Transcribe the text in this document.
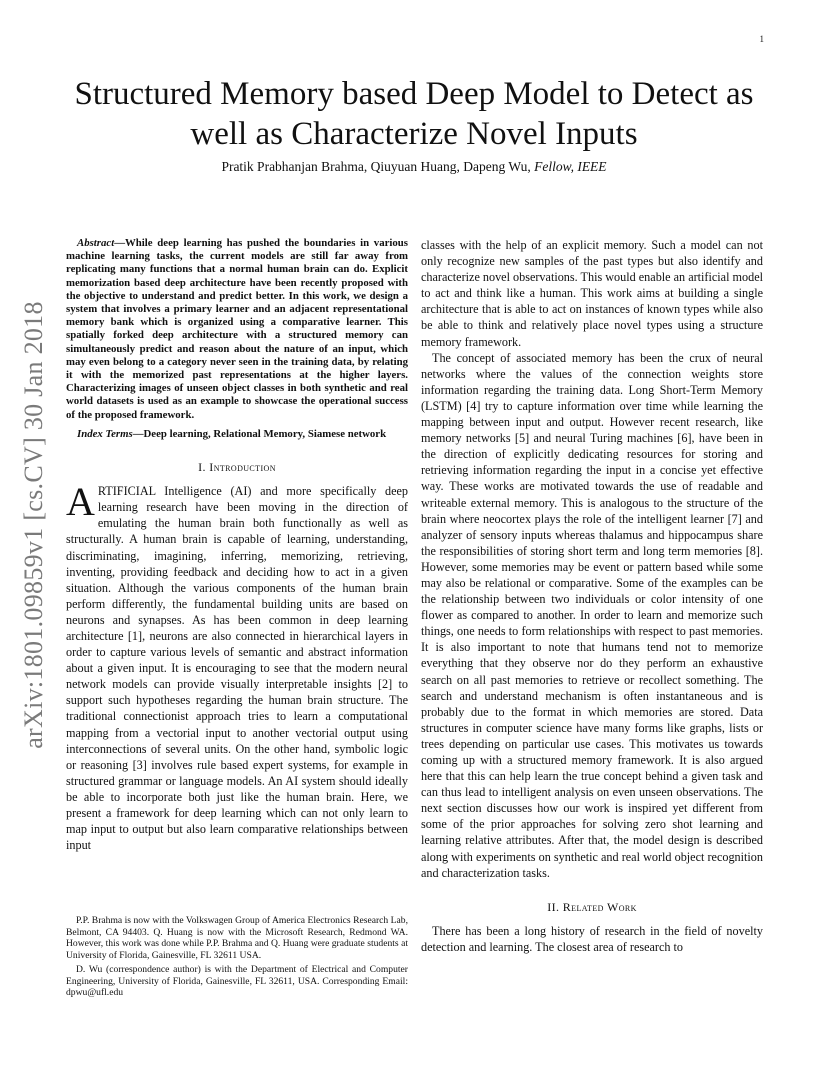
1
arXiv:1801.09859v1 [cs.CV] 30 Jan 2018
Structured Memory based Deep Model to Detect as well as Characterize Novel Inputs
Pratik Prabhanjan Brahma, Qiuyuan Huang, Dapeng Wu, Fellow, IEEE

Abstract—While deep learning has pushed the boundaries in various machine learning tasks, the current models are still far away from replicating many functions that a normal human brain can do. Explicit memorization based deep architecture have been recently proposed with the objective to understand and predict better. In this work, we design a system that involves a primary learner and an adjacent representational memory bank which is organized using a comparative learner. This spatially forked deep architecture with a structured memory can simultaneously predict and reason about the nature of an input, which may even belong to a category never seen in the training data, by relating it with the memorized past representations at the higher layers. Characterizing images of unseen object classes in both synthetic and real world datasets is used as an example to showcase the operational success of the proposed framework.

Index Terms—Deep learning, Relational Memory, Siamese network

I. Introduction

ARTIFICIAL Intelligence (AI) and more specifically deep learning research have been moving in the direction of emulating the human brain both functionally as well as structurally. A human brain is capable of learning, understanding, discriminating, imagining, inferring, memorizing, retrieving, inventing, providing feedback and deciding how to act in a given situation. Although the various components of the human brain perform differently, the fundamental building units are based on neurons and synapses. As has been common in deep learning architecture [1], neurons are also connected in hierarchical layers in order to capture various levels of semantic and abstract information about a given input. It is encouraging to see that the modern neural network models can provide visually interpretable insights [2] to support such hypotheses regarding the human brain structure. The traditional connectionist approach tries to learn a computational mapping from a vectorial input to another vectorial output using interconnections of several units. On the other hand, symbolic logic or reasoning [3] involves rule based expert systems, for example in structured grammar or language models. An AI system should ideally be able to incorporate both just like the human brain. Here, we present a framework for deep learning which can not only learn to map input to output but also learn comparative relationships between input

classes with the help of an explicit memory. Such a model can not only recognize new samples of the past types but also identify and characterize novel observations. This would enable an artificial model to act and think like a human. This work aims at building a single architecture that is able to act on instances of known types while also be able to think and relatively place novel types using a structure memory framework.

The concept of associated memory has been the crux of neural networks where the values of the connection weights store information regarding the training data. Long Short-Term Memory (LSTM) [4] try to capture information over time while learning the mapping between input and output. However recent research, like memory networks [5] and neural Turing machines [6], have been in the direction of explicitly dedicating resources for storing and retrieving information regarding the input in a concise yet effective way. These works are motivated towards the use of readable and writeable external memory. This is analogous to the structure of the brain where neocortex plays the role of the intelligent learner [7] and analyzer of sensory inputs whereas thalamus and hippocampus share the responsibilities of storing short term and long term memories [8]. However, some memories may be event or pattern based while some may also be relational or comparative. Some of the examples can be the relationship between two individuals or color intensity of one flower as compared to another. In order to learn and memorize such things, one needs to form relationships with respect to past memories. It is also important to note that humans tend not to memorize everything that they observe nor do they perform an exhaustive search on all past memories to retrieve or recollect something. The search and understand mechanism is often instantaneous and is probably due to the format in which memories are stored. Data structures in computer science have many forms like graphs, lists or trees depending on particular use cases. This motivates us towards coming up with a structured memory framework. It is also argued here that this can help learn the true concept behind a given task and can thus lead to intelligent analysis on even unseen observations. The next section discusses how our work is inspired yet different from some of the prior approaches for solving zero shot learning and learning relative attributes. After that, the model design is described along with experiments on synthetic and real world object recognition and characterization tasks.

II. Related Work

There has been a long history of research in the field of novelty detection and learning. The closest area of research to

P.P. Brahma is now with the Volkswagen Group of America Electronics Research Lab, Belmont, CA 94403. Q. Huang is now with the Microsoft Research, Redmond WA. However, this work was done while P.P. Brahma and Q. Huang were graduate students at University of Florida, Gainesville, FL 32611 USA.

D. Wu (correspondence author) is with the Department of Electrical and Computer Engineering, University of Florida, Gainesville, FL 32611, USA. Corresponding Email: dpwu@ufl.edu
